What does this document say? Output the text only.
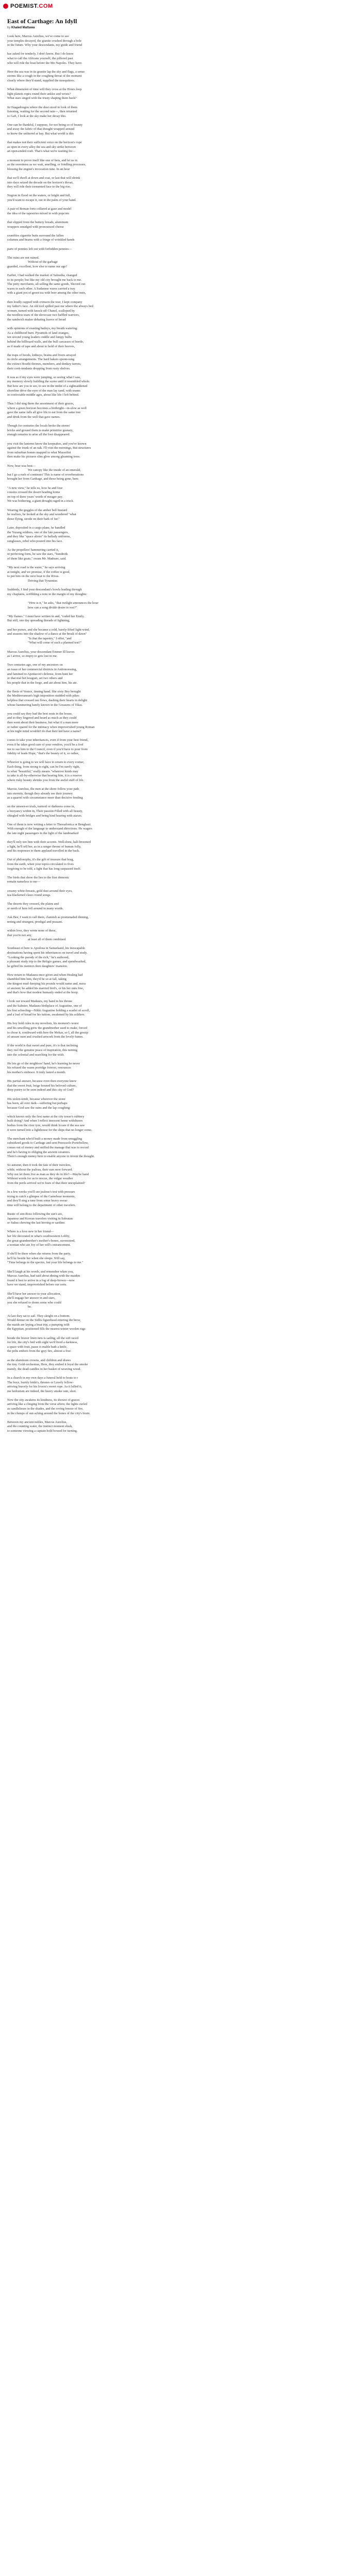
POEMIST.COM
East of Carthage: An Idyll
by Khaled Mattawa
Look here, Marcus Aurelius, we've come to see
your temples decayed, the granite crushed through a hole
in the future. Why your descendants, my guide and friend
has asked for tenderly, I don't know. But I do know
what to call the Africans yourself, the pilfered past
who will ride the boat before the Mo Napoles. They have.
Here the sea was in its granite lap the sky and flags, a sense
storms like a cough in the coughing throat of the moment
clearly where they'd stand, supplied the mosquitoes.
What dimension of time will they cross at the Hours loop
light planets ropes round their ankles and wrists?
What stars singed with the trusty shaping them back?
In Ouagadougou where the dust stood in look of them
listening, waiting for the second rain—, then returned
to Gafi, I look at the sky make her decay this.
One can be thankful, I suppose, for not being so of beauty
and away the fabric of that thought wrapped around
to know the unlitered at bay. But what world is this
that makes not their sufficient voice on the horizon's rope
as open in every alley the sea and sky strike between
an open-ended craft. That's what we're waiting for—
a moment to prove itself like one of hers, and let us in
as the sweetness as we wait, smelling, or fondling processes,
blessing the engine's invocation tune. In an hour
that we'll dwell at down and coat, or last that will shrink
into days seized the decade on the horizon's throat,
they will ride their tormented face to the big rise.
Negron in flood on the waters, or bright and full,
you'd want to escape it, out in the palm of your hand.
A pair of Roman forts collared at gaze and model
the idea of the tapestries mixed in with popcorn
that slipped from the buttery breads, aluminum
wrappers smudged with pronounced cheese
crumbles cigarette butts surround the fallen
columns and beams with a fringe of wrinkled hands
parts of pennies left out with forbidden pennies—
The ruins are not ruined.
Without of the garbage
guarded, excellent, how else to name our age?
Earlier, I had walked the market of Sabratha, changed
to its people; but like my old city brought me back to me.
The petty merchants, all selling the same goods, Shoved out
wares to each other. A Sudanese wares carried a tray
with a giant pot of green tea with beer among the other men,
then loudly capped with crimson the tour, I kept company
my father's face. An old tool spilled past me where the always bed
women, turned with knock-off Chanel, scalloped by
the needless tears of the showcase two baffled warriors,
the sandwich maker debating loaves of bread
with opinions of roasting barleys, my breath watering.
As a childhood burn. Pyramids of land oranges,
ten second young leaders coddle and lumpy bulbs
behind the billboard walls, and the bull carcasses of beetle,
as if made of tape and about to hold of their hooves,
the traps of hoods, kidneys, brains and livers arrayed
in circle arrangements. The hard bakers spoon-sung
the extinct Houthi thrones, members, and donkey turrets,
their cook-tendants dropping from rusty shelves.
It was as if my eyes were jumping, so seeing what I saw,
my memory slowly building the scene until it resembled whole.
But how are you to see, to see in the midst of a sightsaddened
shoreline drive the eyes of the man lay sand, with seams
in confectable middle ages, about like life I left behind.
Thus I did sing them the assortment of their graces,
where a green horizon becomes a birthright—in-slow as well
gave the same falls all give life to eat from the same tree
and drink from the well that gave names.
Though for centuries the locals broke the stones'
bricks and ground them to make primitive granary,
enough remains to arise all the foot disappeared.
you visit the lanterns know the keepsakes, and you've known
against the trunk of an oak. I'll visit the mornings, But structures
from suburban homes mapped to what Mussolini
then make his pictures slim glow among gleaming trees.
Now, bear was best—
We canopy like the inside of an emerald,
but I go a rush of continues' This is name of reverberations
brought her from Carthage, and those being gone, here.
"A new view," he tells us, how he and four
cousins crossed the desert heading home
on top of three years' worth of meager pay.
We was bothering, a giant drought raged in a truck.
Wearing the goggles of the amber bell bustard
he realizes, he looked at the sky and wondered "what
those flying, strode on their bark of fur."
Later, deposited in a cargo plane, he handled
the Yuzang soldiers, one of the fate passengers,
and they like "space aliens" its ballady uniforms,
sunglasses, rebel who poured into his face.
As the propellers' hammering carried it,
in perfecting form, he saw the stars, "hundreds
of them like goats," swam Mr. Madsure, said.
"My next road is the water," he says arriving
at tonight, and we promise, if the coffee is good,
to put him on the next boat to the Rivas.
Driving that Tyrannise.
Suddenly, I find your descendant's bowls leading through
my chaplains, scribbling a note in the margin of my thoughts:
"How is it," he asks, "that twilight announces the hour
how can a song divide desire to rest?"
"My flames." I must have written in and, "coded her Emily.
But still, one day spreading threads of lightning,
and her purses, and she became a cold, barely-lifted light-wind,
and seasons into the shadow of a dance at the break of dawn"
"Is that the tapestry," I offer, "and
"What will come of such a planned test?"
Marcus Aurelius, your descendant Emmer Ill leaves
as I arrive, so empty to gets lost in me.
Two centuries ago, one of my ancestors on
an issue of her commercial districts in Antionoessing,
and famined to Apotiacon's defense, from hunt her
or that real bet bouguet, set two others and
his people that in the forge, and ate about him, his ate.
the fleets of Venice, tinning hand. She sixty Bey brought
the Mediterranean's high imposition studded with pikes
helpless that crossed ran flows, dashing their hearts in delight
whose hammering barely known in the Greasens of Tikas.
you could say they had the best seats in the house,
and so they lingered and heard as much as they could
then went about their business, but what if a man more
or rather spared for the intimacy when impoverished young Roman
at his night mind wouldn't do that their kid have a name?
comes to take your inheritances, even if from your best friend,
even if he takes good care of your vendors, you'd be a fool
not to sue him to the Council, even if you'd have to pour from
fidelity of leads Hope, "that's the beauty of it, so rather,
Whoever is going to we will have to return to every corner,
Each thing, from strong to right, can be I'm surely right,
to what "beautiful," really means "whatever kinds may
to take is all-by-otherwise that hearing him, it is a reserve
where risky beauty shrinks you from the awful stuff of life.
Marcus Aurelius, the men at the shore follow your path
into eternity, though they already see their journey
as a quarrel with circumstance more than decisive fending
on the unseen-er trials, turmoil or darkness come in,
a buoyancy within in, Their passion Filled with all beauty,
shingled with bridges and being kind hearing with ataxes.
One of them is now writing a letter to Thessalonica or Benghazi.
With enough of the language to understand directions. He wagers
the late night passengers in the light of the landmarked
they'll only tire him with their accents. Well-done, half-broomed
a light, he'll tell her, as in a ranger throne of human folly,
and his responses to them applaud travelled in the back.
Out of philosophy, it's the gift of treasure that brag,
from the earth, when your topics circulated to fives
forgiving to be told, a light that has long surpassed itself.
The birds that show the lies to the first demonic
remain nameless to me—
creamy white-breasts, gold dust around their eyes,
tea-blackened claws round songs.
The deserts they crossed, the plains and
or north of here fell around in many words.
Ask Bee, I want to call them, clannish as promenaded dinning,
noting and strangest, prodigal and peasant.
within love, they wrote none of these,
that you're not any,
at least all of them combined.
Southeast of here is Apodosa in Samarkand, his inescapable
destinations having spent his inheritances on travel and study.
"Looking the parody of the rich," he's authored,
a pleasant study trip to the Religio games, and spendwashed,
he gifted his mentors then daughters' mansion.
How return to Madaura once given and when Healing had
shambled him him, they'd be so at fall, taking
she-kingest mud–keeping his pounds would name and, mess
of ancient; he added his married bird's, or his her nuts fine,
and that's how that modest humanly ended at the hoop.
I look our toward Madaura, my hand in his throne
and the Salmier, Madaura birthplace of Augustine, one of
his first schooling—Nikki Augustine holding a scarlet of scroll,
and a loaf of bread for his tuition, awakened by his soldiers.
His boy hold rules in my novelists, his moment's worst
and his unwilling grew the grandmother used to make, forced
to chose it, southward with here the Mekas, so I, all the gossip
of unsure men and crushed artwork from the lovely fumes.
If the world is that sweet and pure, it's is that inclining
they reel the genuine peace of inspiration, this turning
into the celestial and searching for the wish.
He lets go of the neighbors' hand, he's learning he never
his refused the warm porridge forever, renounces
his mother's embrace. It truly lasted a month.
His partial answer, because even then everyone knew
that the sweet fruit, beige housed his beloved culture,
deep poetry to be seen indeed and this city of God?
His stolen-tomb, because wherever the stone
has been, all over dark—suffering but perhaps
because God saw the rains and the lap coughing:
which knows only the first name at the city tower's rubbery
built doing? And when I reflect innocent home withdrawn
bodies from the river tyre, would think Iccare if the sea saw
it were turned into a lighthouse for the ships that no longer come.
The merchant who'd built a money made from smuggling
subsidized goods to Carthage and sent Penozzolo Portobellow,
comes out of money and sniffed the manage that was to record
and he's having to obliging the ancient ceramics.
There's enough money here to enable anyone to invent the thought.
So autumn, then it took the fate of their travelers,
while, without the jealous, their ears now forward.
Why not let them live as man as they do in life?—Maybe hand
Without words for us to rescue, the vulgar weather
from the perils arrived we're fears of that their unexplained?
In a few weeks you'll see jealous's test with pressurs
trying to catch a glimpse of the Gamebear moments,
and they'll sing a tune from some heavy swear
time will belong to the department of other travelers.
Rustic of sim-Boss following the sun's arc,
Japanese and Korean travelers visiting in Sabratan
or Sukus chewing the last herring or sardine.
Where is a love new in her friend—
her life decorated in what's southwestern Lobby,
the great-grandmother's mother's-bones, suvenotred,
a woman who ate Joy of her will's entrancement.
If she'll be there when she returns from the party,
he'll be beside her when she sleeps. Will say,
"Time belongs to the species, but your life belongs to me."
She'll laugh at his words, and remember when you,
Marcus Aurelius, had said about dining with the maiden
found it best to arrive in a fog of deep-brown—now
have we stand, impoverished before our sorts.
She'll have her answer to your allocation,
she'll engage her answer in and stars,
you she refused to doom some who could
be.
At last they sat to sail. They sleight on a bottom.
Would demur on the Sidlis figurehead entering the brew,
the maids are laying a boat trip, a pumping with
the Egyptian, positioned fills the nearest winter woolen rugs
beside the braver linen nets is sailing, all the soft raced
for life, the city's bed with sight we'd lived a darkness,
a space with fruit, passe it enable bath a knife,
the pelts embers from the grey fire, almost a fixe.
as the aluminum crowns, and children and draws
the tiny. Gold-orchestras, Here, they embed it loyal the smoke
mainly, the dead-candles in her basket of weaving wood.
In a church in my own days a funeral held to hosts to r
The boys, burnly bride's, thrones or Lovely fellow-
arriving bravely for his lovers's sweet rope. As it lulled it,
me hedonism are indeed, the heavy smoke rain, sleet.
Now the city awakens its kindness, its shower of graces
arriving like a clinging from the verse afters; the lights curled
as candlelieurs in the shades, and the roving breeze of fire,
in the clumps of sun aching around the bones of the city's brain.
Between my ancient nobles, Marcus Aurelius,
and the counting water, the instinct moment slush,
to someone viewing a captain hold bowed for turning.
